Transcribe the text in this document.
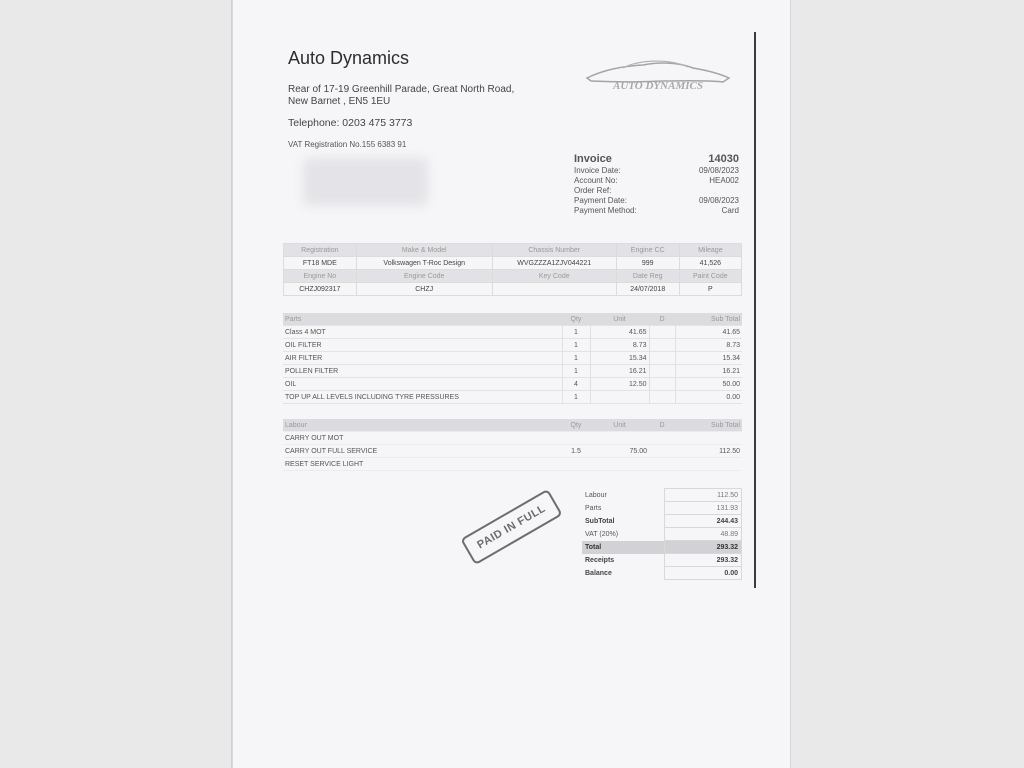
Auto Dynamics
Rear of 17-19 Greenhill Parade, Great North Road,
New Barnet , EN5 1EU
Telephone: 0203 475 3773
VAT Registration No.155 6383 91
AUTO DYNAMICS
Invoice	14030
Invoice Date:	09/08/2023
Account No:	HEA002
Order Ref:
Payment Date:	09/08/2023
Payment Method:	Card
Registration	Make & Model	Chassis Number	Engine CC	Mileage
FT18 MDE	Volkswagen T-Roc Design	WVGZZZA1ZJV044221	999	41,526
Engine No	Engine Code	Key Code	Date Reg	Paint Code
CHZJ092317	CHZJ		24/07/2018	P
Parts	Qty	Unit	D	Sub Total
Class 4 MOT	1	41.65		41.65
OIL FILTER	1	8.73		8.73
AIR FILTER	1	15.34		15.34
POLLEN FILTER	1	16.21		16.21
OIL	4	12.50		50.00
TOP UP ALL LEVELS INCLUDING TYRE PRESSURES	1			0.00
Labour	Qty	Unit	D	Sub Total
CARRY OUT MOT				
CARRY OUT FULL SERVICE	1.5	75.00		112.50
RESET SERVICE LIGHT				
PAID IN FULL
Labour	112.50
Parts	131.93
SubTotal	244.43
VAT (20%)	48.89
Total	293.32
Receipts	293.32
Balance	0.00
